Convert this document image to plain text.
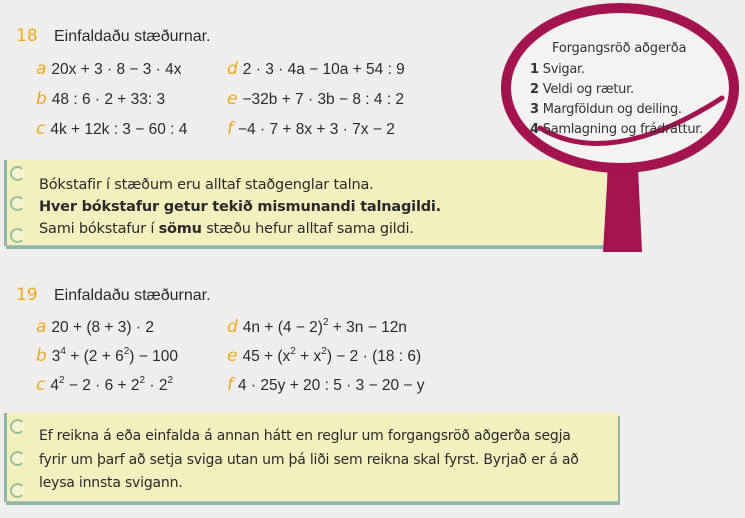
18 Einfaldaðu stæðurnar.
a 20x + 3 · 8 − 3 · 4x
b 48 : 6 · 2 + 33: 3
c 4k + 12k : 3 − 60 : 4
d 2 · 3 · 4a − 10a + 54 : 9
e −32b + 7 · 3b − 8 : 4 : 2
f −4 · 7 + 8x + 3 · 7x − 2
Bókstafir í stæðum eru alltaf staðgenglar talna.
Hver bókstafur getur tekið mismunandi talnagildi.
Sami bókstafur í sömu stæðu hefur alltaf sama gildi.
Forgangsröð aðgerða
1 Svigar.
2 Veldi og rætur.
3 Margföldun og deiling.
4 Samlagning og frádráttur.
19 Einfaldaðu stæðurnar.
a 20 + (8 + 3) · 2
b $3^4 + (2 + 6^2) - 100$
c $4^2 - 2 \cdot 6 + 2^2 \cdot 2^2$
d $4n + (4 - 2)^2 + 3n - 12n$
e $45 + (x^2 + x^2) - 2 \cdot (18$ : 6)
f 4 · 25y + 20 : 5 · 3 − 20 − y
Ef reikna á eða einfalda á annan hátt en reglur um forgangsröð aðgerða segja
fyrir um þarf að setja sviga utan um þá liði sem reikna skal fyrst. Byrjað er á að
leysa innsta svigann.
